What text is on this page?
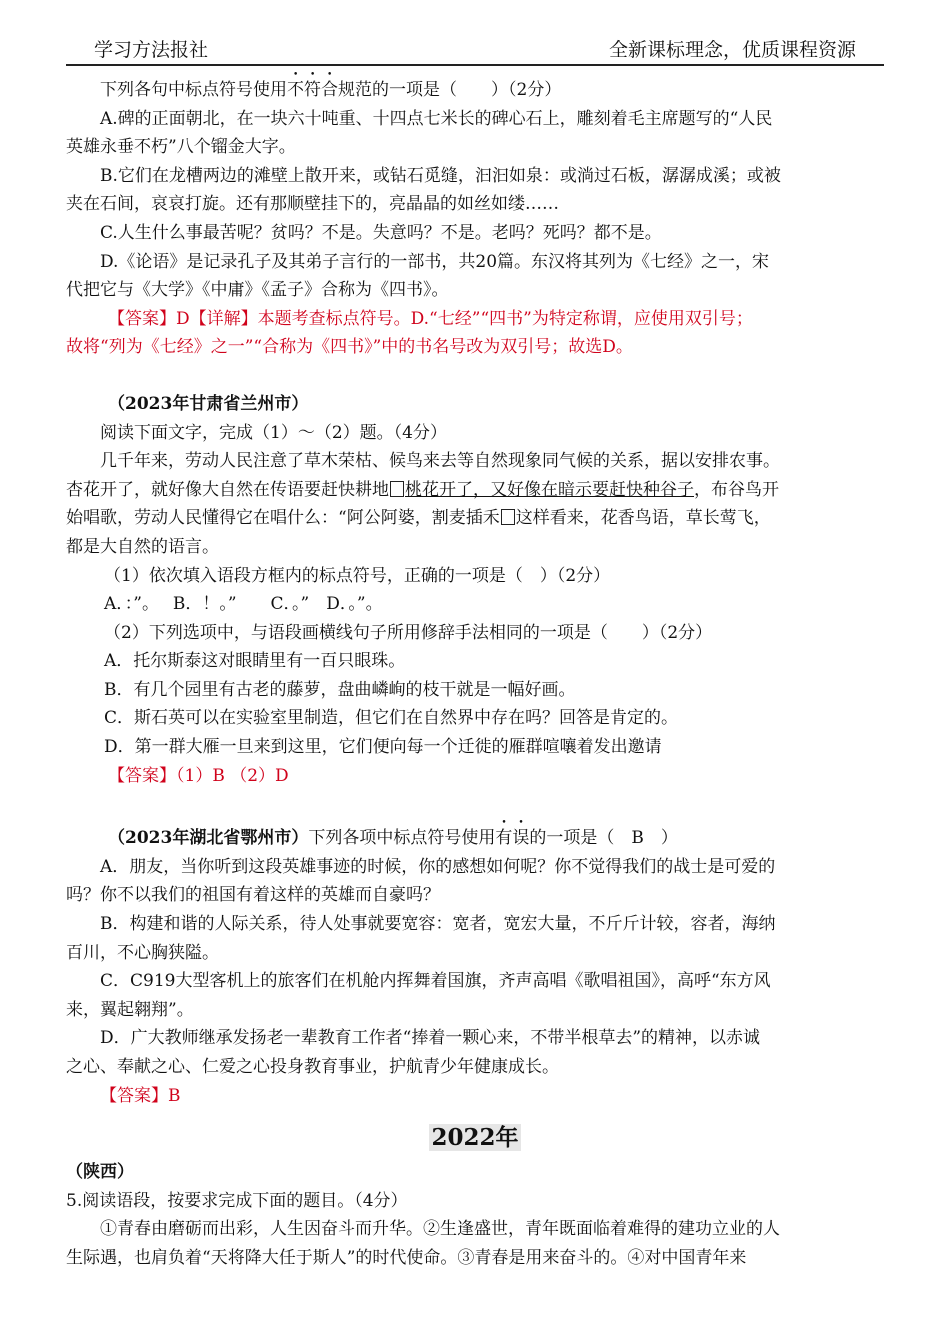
学习方法报社	全新课标理念，优质课程资源

下列各句中标点符号使用不符合规范的一项是（　　）（2分）

A.碑的正面朝北，在一块六十吨重、十四点七米长的碑心石上，雕刻着毛主席题写的“人民

英雄永垂不朽”八个镏金大字。

B.它们在龙槽两边的滩壁上散开来，或钻石觅缝，汩汩如泉：或淌过石板，潺潺成溪；或被

夹在石间，哀哀打旋。还有那顺壁挂下的，亮晶晶的如丝如缕……

C.人生什么事最苦呢？贫吗？不是。失意吗？不是。老吗？死吗？都不是。

D.《论语》是记录孔子及其弟子言行的一部书，共20篇。东汉将其列为《七经》之一，宋

代把它与《大学》《中庸》《孟子》合称为《四书》。

【答案】D【详解】本题考查标点符号。D.“七经”“四书”为特定称谓，应使用双引号；

故将“列为《七经》之一”“合称为《四书》”中的书名号改为双引号；故选D。

（2023年甘肃省兰州市）

阅读下面文字，完成（1）～（2）题。（4分）

几千年来，劳动人民注意了草木荣枯、候鸟来去等自然现象同气候的关系，据以安排农事。

杏花开了，就好像大自然在传语要赶快耕地 桃花开了，又好像在暗示要赶快种谷子，布谷鸟开

始唱歌，劳动人民懂得它在唱什么：“阿公阿婆，割麦插禾 这样看来，花香鸟语，草长莺飞，

都是大自然的语言。

（1）依次填入语段方框内的标点符号，正确的一项是（　）（2分）

A．：”。　 B．！。”　　C．。”　D．。”。

（2）下列选项中，与语段画横线句子所用修辞手法相同的一项是（　　）（2分）

A．托尔斯泰这对眼睛里有一百只眼珠。

B．有几个园里有古老的藤萝，盘曲嶙峋的枝干就是一幅好画。

C．斯石英可以在实验室里制造，但它们在自然界中存在吗？回答是肯定的。

D．第一群大雁一旦来到这里，它们便向每一个迁徙的雁群喧嚷着发出邀请

【答案】（1）B （2）D

（2023年湖北省鄂州市）下列各项中标点符号使用有误的一项是（　B　）

A．朋友，当你听到这段英雄事迹的时候，你的感想如何呢？你不觉得我们的战士是可爱的

吗？你不以我们的祖国有着这样的英雄而自豪吗？

B．构建和谐的人际关系，待人处事就要宽容：宽者，宽宏大量，不斤斤计较，容者，海纳

百川，不心胸狭隘。

C．C919大型客机上的旅客们在机舱内挥舞着国旗，齐声高唱《歌唱祖国》，高呼“东方风

来，翼起翱翔”。

D．广大教师继承发扬老一辈教育工作者“捧着一颗心来，不带半根草去”的精神，以赤诚

之心、奉献之心、仁爱之心投身教育事业，护航青少年健康成长。

【答案】B

2022年

（陕西）

5.阅读语段，按要求完成下面的题目。（4分）

①青春由磨砺而出彩，人生因奋斗而升华。②生逢盛世，青年既面临着难得的建功立业的人

生际遇，也肩负着“天将降大任于斯人”的时代使命。③青春是用来奋斗的。④对中国青年来
